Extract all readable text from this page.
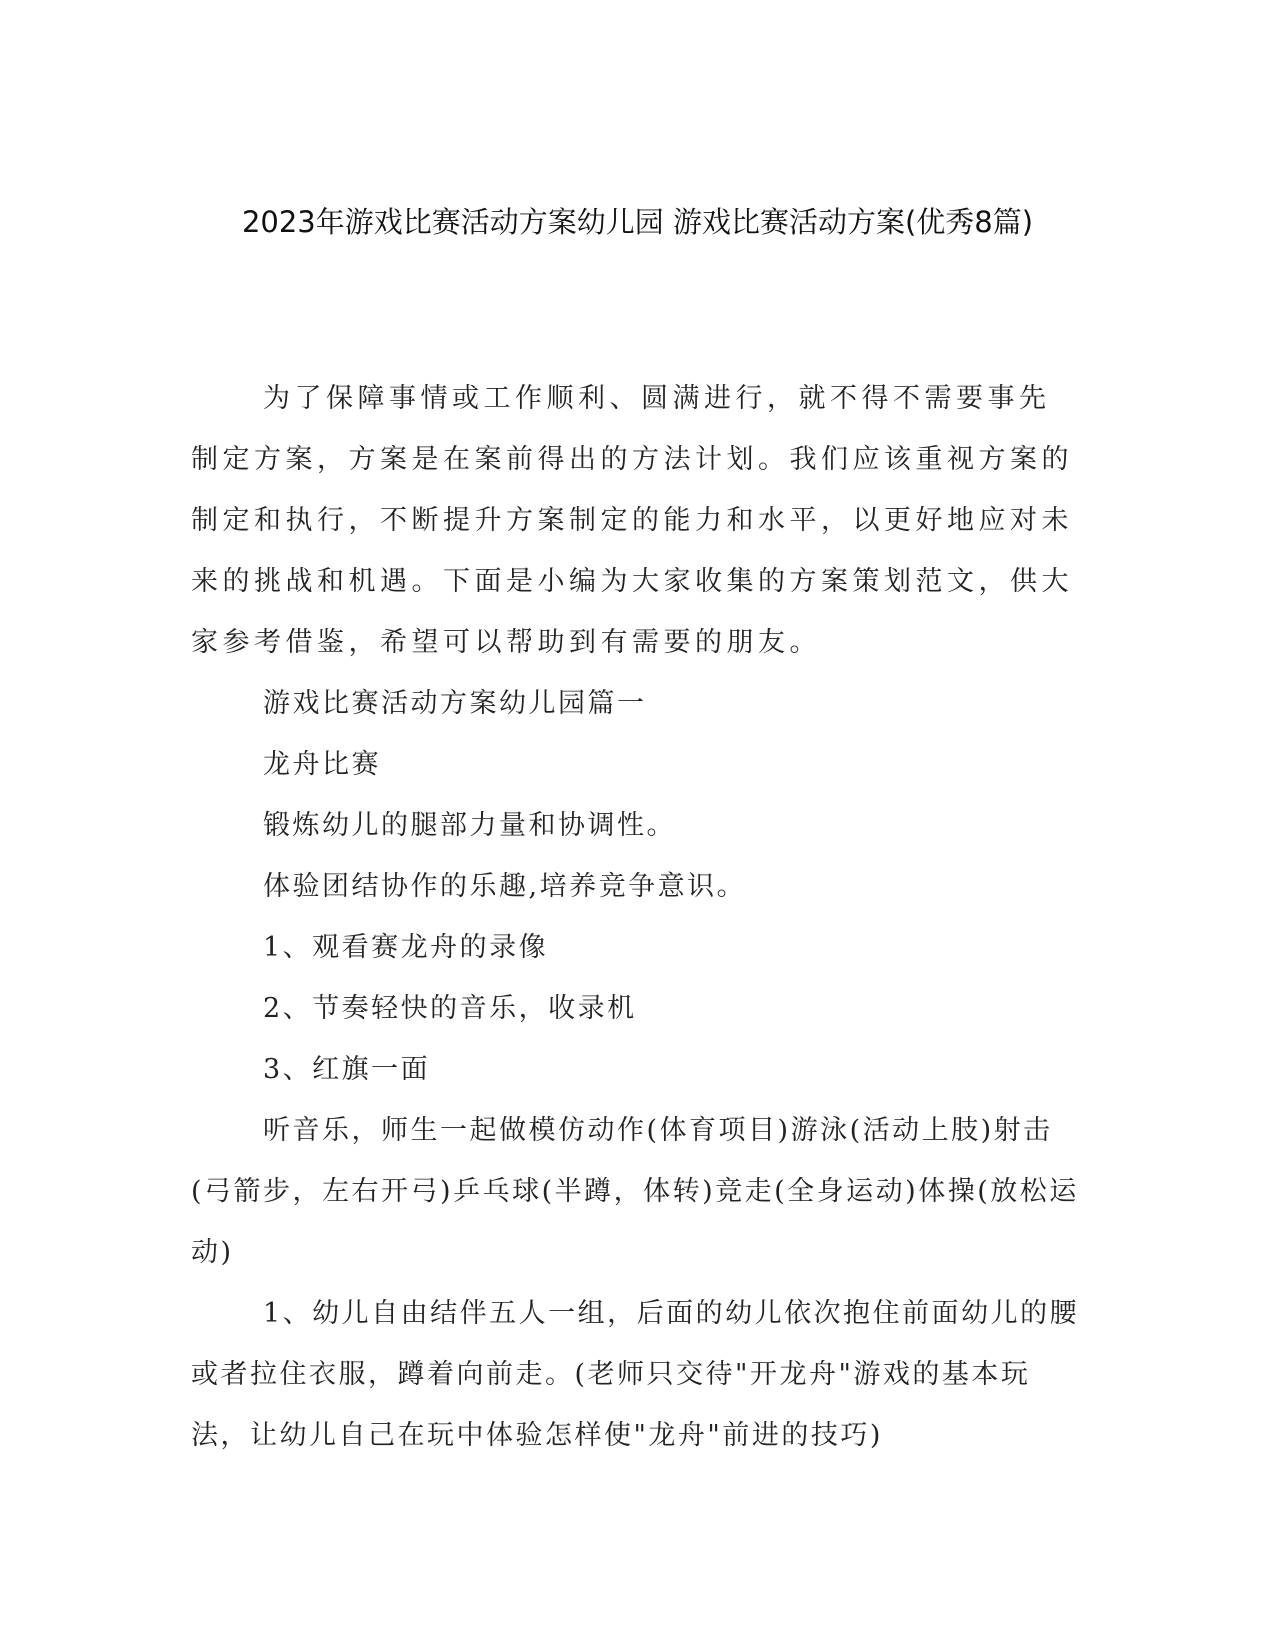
2023年游戏比赛活动方案幼儿园 游戏比赛活动方案(优秀8篇)

为了保障事情或工作顺利、圆满进行，就不得不需要事先制定方案，方案是在案前得出的方法计划。我们应该重视方案的制定和执行，不断提升方案制定的能力和水平，以更好地应对未来的挑战和机遇。下面是小编为大家收集的方案策划范文，供大家参考借鉴，希望可以帮助到有需要的朋友。

游戏比赛活动方案幼儿园篇一

龙舟比赛

锻炼幼儿的腿部力量和协调性。

体验团结协作的乐趣,培养竞争意识。

1、观看赛龙舟的录像

2、节奏轻快的音乐，收录机

3、红旗一面

听音乐，师生一起做模仿动作(体育项目)游泳(活动上肢)射击(弓箭步，左右开弓)乒乓球(半蹲，体转)竞走(全身运动)体操(放松运动)

1、幼儿自由结伴五人一组，后面的幼儿依次抱住前面幼儿的腰或者拉住衣服，蹲着向前走。(老师只交待"开龙舟"游戏的基本玩法，让幼儿自己在玩中体验怎样使"龙舟"前进的技巧)
